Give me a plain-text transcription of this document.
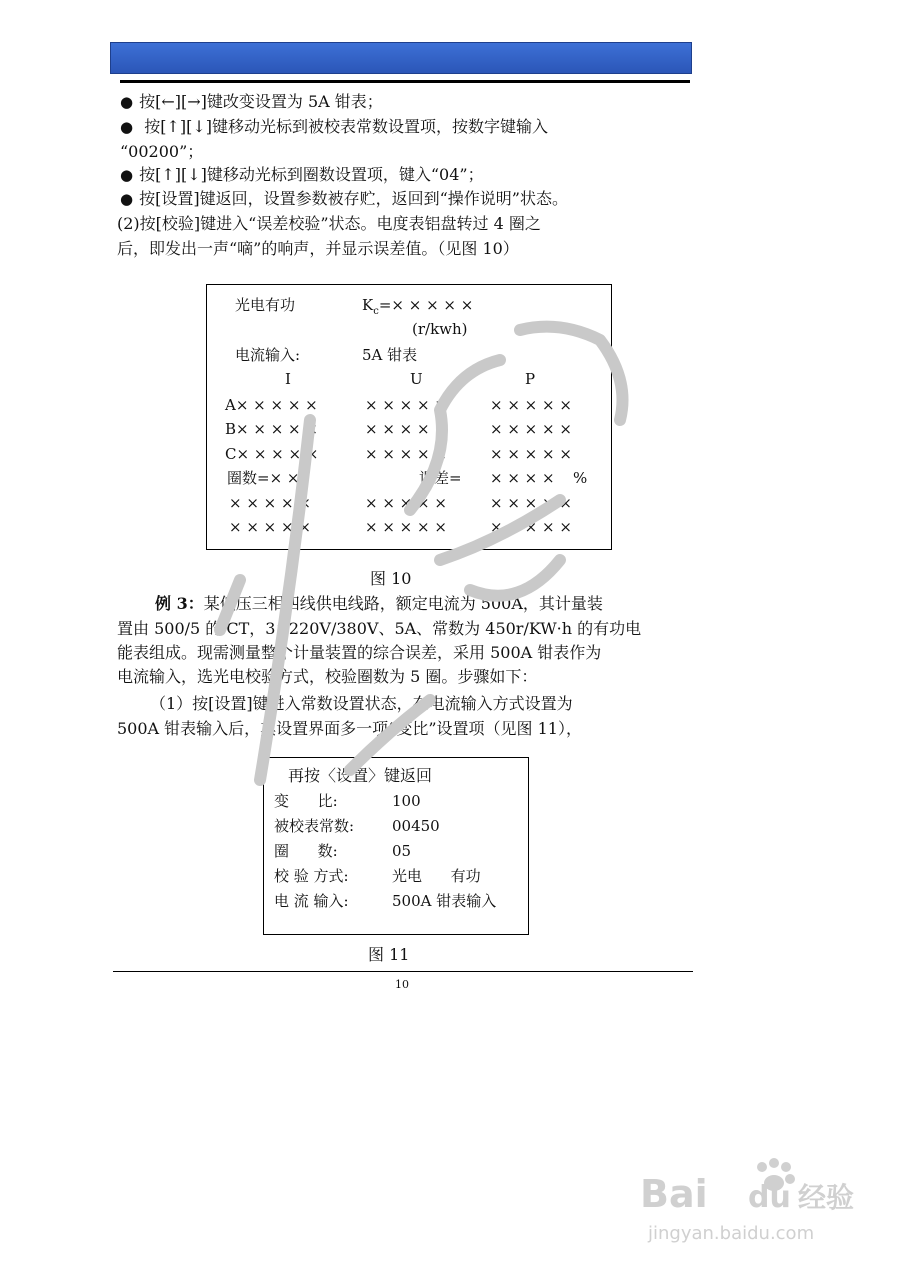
● 按[←][→]键改变设置为 5A 钳表；
● 按[↑][↓]键移动光标到被校表常数设置项，按数字键输入
“00200”；
● 按[↑][↓]键移动光标到圈数设置项，键入“04”；
● 按[设置]键返回，设置参数被存贮，返回到“操作说明”状态。
(2)按[校验]键进入“误差校验”状态。电度表铝盘转过 4 圈之
后，即发出一声“嘀”的响声，并显示误差值。（见图 10）
光电有功	$K_c=\times$ × × × ×
(r/kwh)
电流输入:	5A 钳表
I	U	P
A× × × × ×	× × × × ×	× × × × ×
B× × × × ×	× × × × ×	× × × × ×
C× × × × ×	× × × × ×	× × × × ×
圈数=× ×	误差= × × × × %
× × × × ×	× × × × ×	× × × × ×
× × × × ×	× × × × ×	× × × × ×
图 10
例 3：某低压三相四线供电线路，额定电流为 500A，其计量装
置由 500/5 的 CT，3×220V/380V、5A、常数为 450r/KW·h 的有功电
能表组成。现需测量整个计量装置的综合误差，采用 500A 钳表作为
电流输入，选光电校验方式，校验圈数为 5 圈。步骤如下：
（1）按[设置]键进入常数设置状态，在电流输入方式设置为
500A 钳表输入后，其设置界面多一项“变比”设置项（见图 11），
再按〈设置〉键返回
变      比:	100
被校表常数:	00450
圈      数:	05
校 验 方式:	光电      有功
电 流 输入:	500A 钳表输入
图 11
10
Bai du 经验
jingyan.baidu.com
